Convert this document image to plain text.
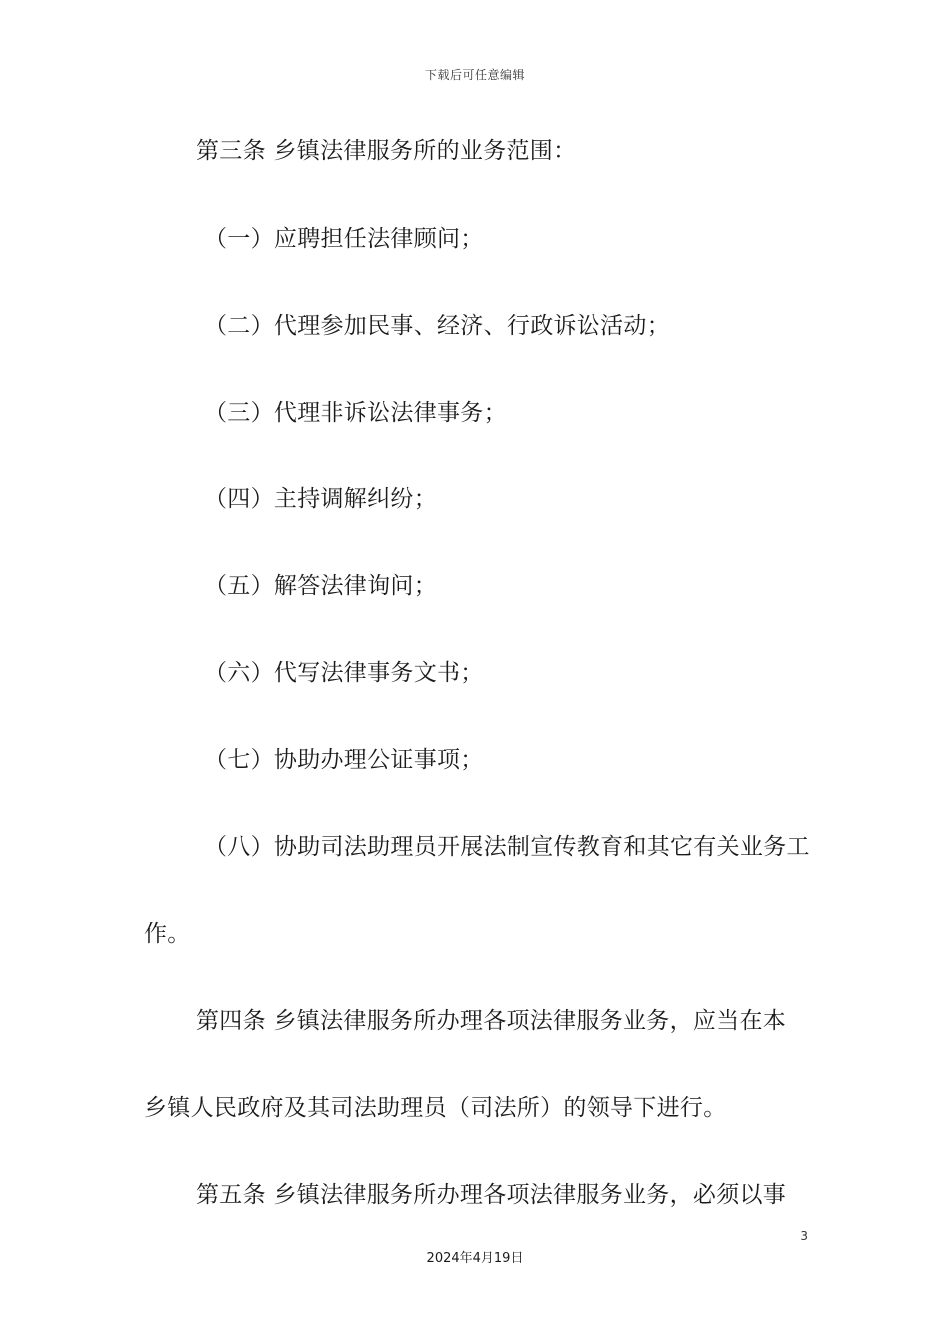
下载后可任意编辑
第三条 乡镇法律服务所的业务范围：
（一）应聘担任法律顾问；
（二）代理参加民事、经济、行政诉讼活动；
（三）代理非诉讼法律事务；
（四）主持调解纠纷；
（五）解答法律询问；
（六）代写法律事务文书；
（七）协助办理公证事项；
（八）协助司法助理员开展法制宣传教育和其它有关业务工
作。
第四条 乡镇法律服务所办理各项法律服务业务，应当在本
乡镇人民政府及其司法助理员（司法所）的领导下进行。
第五条 乡镇法律服务所办理各项法律服务业务，必须以事
3
2024年4月19日
